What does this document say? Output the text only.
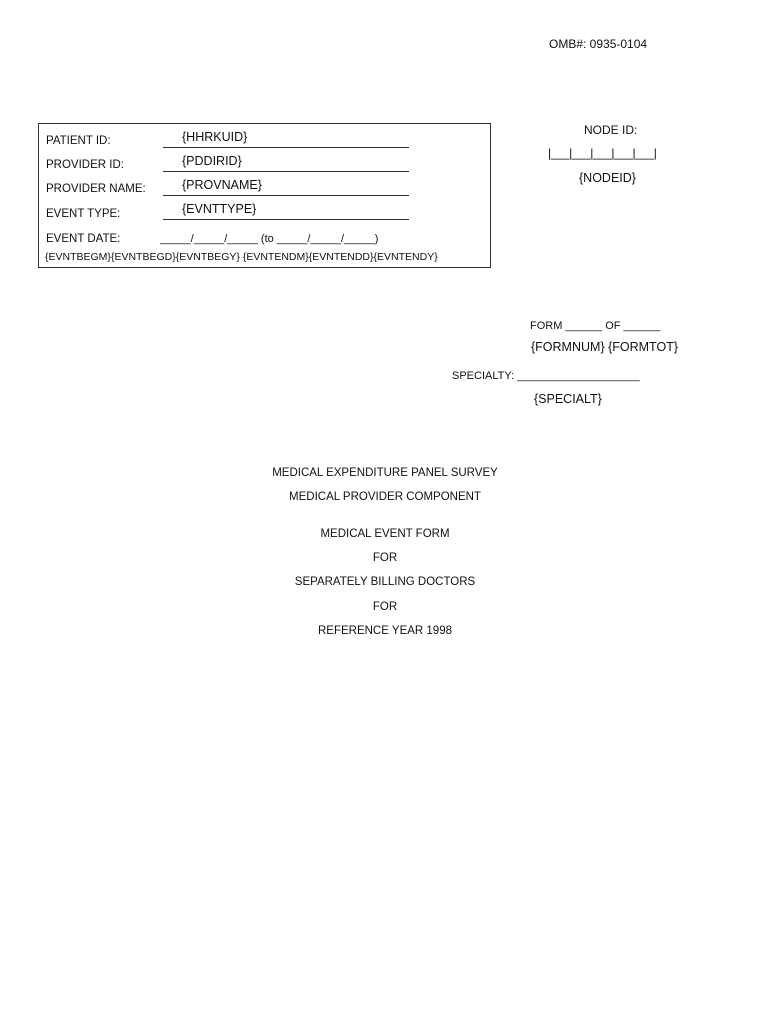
OMB#: 0935-0104
PATIENT ID:	{HHRKUID}
PROVIDER ID:	{PDDIRID}
PROVIDER NAME:	{PROVNAME}
EVENT TYPE:	{EVNTTYPE}
EVENT DATE:	_____/_____/_____ (to _____/_____/_____)
{EVNTBEGM}{EVNTBEGD}{EVNTBEGY} {EVNTENDM}{EVNTENDD}{EVNTENDY}
NODE ID:
|___|___|___|___|___|
{NODEID}
FORM ______ OF ______
{FORMNUM} {FORMTOT}
SPECIALTY: ____________________
{SPECIALT}
MEDICAL EXPENDITURE PANEL SURVEY
MEDICAL PROVIDER COMPONENT
MEDICAL EVENT FORM
FOR
SEPARATELY BILLING DOCTORS
FOR
REFERENCE YEAR 1998
